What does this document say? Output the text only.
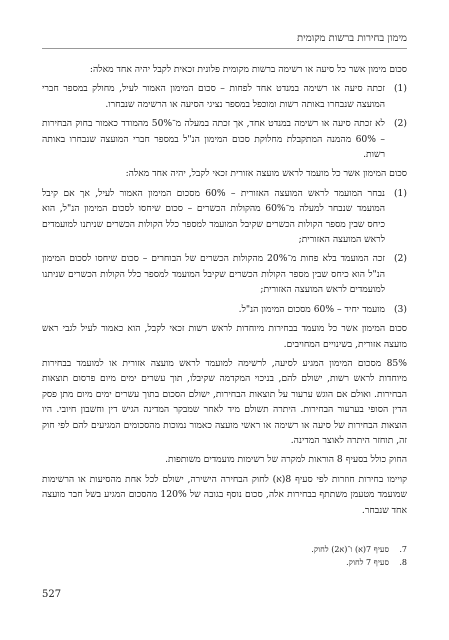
מימון בחירות ברשות מקומית

סכום מימון אשר כל סיעה או רשימה ברשות מקומית פלונית זכאית לקבל יהיה אחד מאלה:

(1)
זכתה סיעה או רשימה במנדט אחד לפחות – סכום המימון האמור לעיל, מחולק במספר חברי המועצה שנבחרו באותה רשות ומוכפל במספר נציגי הסיעה או הרשימה שנבחרו.
(2)
לא זכתה סיעה או רשימה במנדט אחד, אך זכתה במעלה מ־50% מהמודד כאמור בחוק הבחירות – 60% מהמנה המתקבלת מחלוקת סכום המימון הנ"ל במספר חברי המועצה שנבחרו באותה רשות.

סכום המימון אשר כל מועמד לראש מועצה אזורית זכאי לקבל, יהיה אחד מאלה:

(1)
נבחר המועמד לראש המועצה האזורית – 60% מסכום המימון האמור לעיל, אך אם קיבל המועמד שנבחר למעלה מ־60% מהקולות הכשרים – סכום שיחסו לסכום המימון הנ"ל, הוא כיחס שבין מספר הקולות הכשרים שקיבל המועמד למספר כלל הקולות הכשרים שניתנו למועמדים לראש המועצה האזורית;
(2)
זכה המועמד בלא פחות מ־20% מהקולות הכשרים של הבוחרים – סכום שיחסו לסכום המימון הנ"ל הוא כיחס שבין מספר הקולות הכשרים שקיבל המועמד למספר כלל הקולות הכשרים שניתנו למועמדים לראש המועצה האזורית;
(3)
מועמד יחיד – 60% מסכום המימון הנ"ל.

סכום המימון אשר כל מועמד בבחירות מיוחדות לראש רשות זכאי לקבל, הוא כאמור לעיל לגבי ראש מועצה אזורית, בשינויים המחויבים.

85% מסכום המימון המגיע לסיעה, לרשימה למועמד לראש מועצה אזורית או למועמד בבחירות מיוחדות לראש רשות, ישולם להם, בניכוי המקדמה שקיבלו, תוך עשרים ימים מיום פרסום תוצאות הבחירות. ואולם אם הוגש ערעור על תוצאות הבחירות, ישולם הסכום בתוך עשרים ימים מיום מתן פסק הדין הסופי בערעור הבחירות. היתרה תשולם מיד לאחר שמבקר המדינה הגיש דין וחשבון חיובי. היו הוצאות הבחירות של סיעה או רשימה או ראשי מועצה כאמור נמוכות מהסכומים המגיעים להם לפי חוק זה, תוחזר היתרה לאוצר המדינה.

החוק כולל בסעיף 8 הוראות למקרה של רשימות מועמדים משותפות.

קויימו בחירות חוזרות לפי סעיף 8(א) לחוק הבחירה הישירה, ישולם לכל אחת מהסיעות או הרשימות שמועמד מטעמן משתתף בבחירות אלה, סכום נוסף בגובה של 120% מהסכום המגיע בשל חבר מועצה אחד שנבחר.

7.
סעיף 7(א) ו־(א2) לחוק.
8.
סעיף 7 לחוק.
527
